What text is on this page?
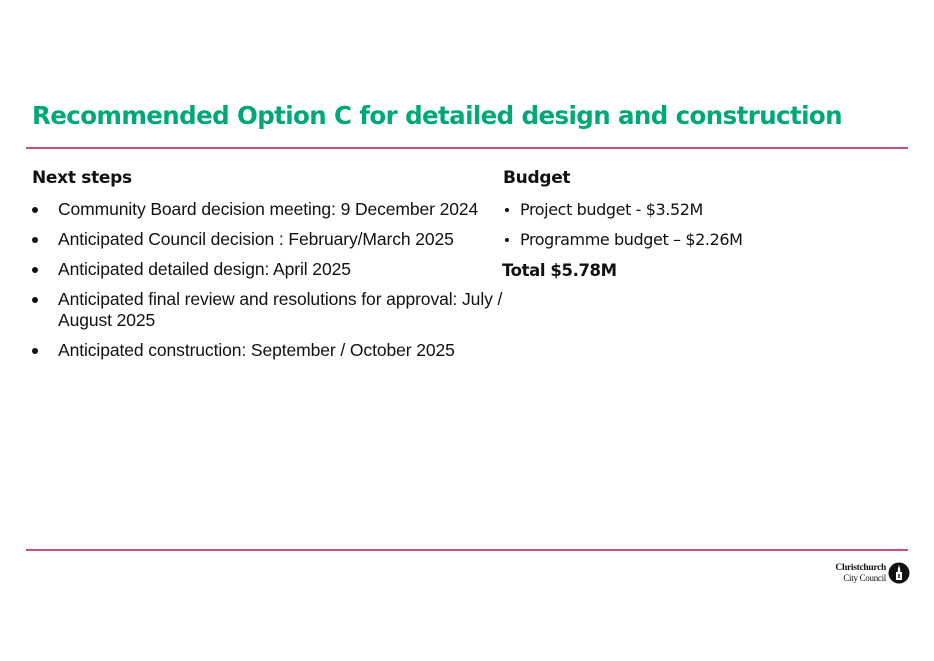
Recommended Option C for detailed design and construction
Next steps
Community Board decision meeting: 9 December 2024
Anticipated Council decision : February/March 2025
Anticipated detailed design: April 2025
Anticipated final review and resolutions for approval: July / August 2025
Anticipated construction: September / October 2025
Budget
Project budget - $3.52M
Programme budget – $2.26M

Total $5.78M

Christchurch
City Council
